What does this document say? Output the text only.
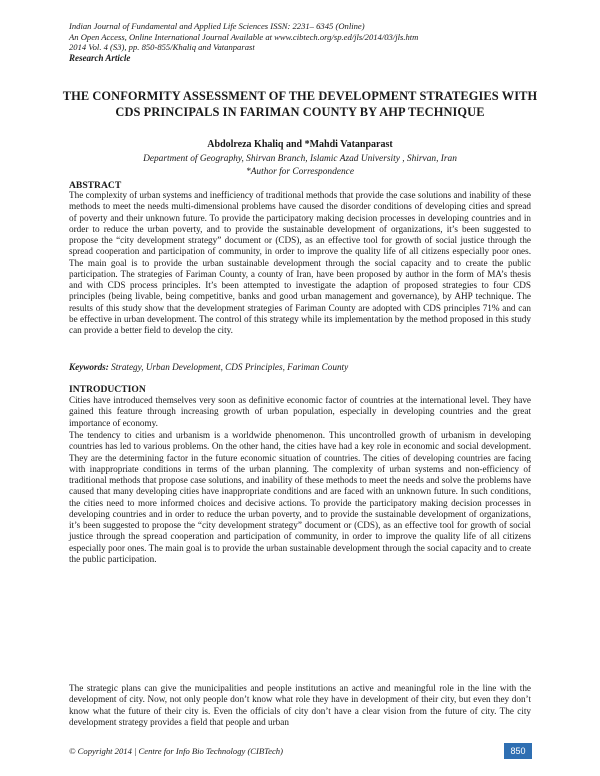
Indian Journal of Fundamental and Applied Life Sciences ISSN: 2231– 6345 (Online)
An Open Access, Online International Journal Available at www.cibtech.org/sp.ed/jls/2014/03/jls.htm
2014 Vol. 4 (S3), pp. 850-855/Khaliq and Vatanparast
Research Article
THE CONFORMITY ASSESSMENT OF THE DEVELOPMENT STRATEGIES WITH CDS PRINCIPALS IN FARIMAN COUNTY BY AHP TECHNIQUE
Abdolreza Khaliq and *Mahdi Vatanparast
Department of Geography, Shirvan Branch, Islamic Azad University , Shirvan, Iran
*Author for Correspondence
ABSTRACT
The complexity of urban systems and inefficiency of traditional methods that provide the case solutions and inability of these methods to meet the needs multi-dimensional problems have caused the disorder conditions of developing cities and spread of poverty and their unknown future. To provide the participatory making decision processes in developing countries and in order to reduce the urban poverty, and to provide the sustainable development of organizations, it’s been suggested to propose the “city development strategy” document or (CDS), as an effective tool for growth of social justice through the spread cooperation and participation of community, in order to improve the quality life of all citizens especially poor ones. The main goal is to provide the urban sustainable development through the social capacity and to create the public participation. The strategies of Fariman County, a county of Iran, have been proposed by author in the form of MA’s thesis and with CDS process principles. It’s been attempted to investigate the adaption of proposed strategies to four CDS principles (being livable, being competitive, banks and good urban management and governance), by AHP technique. The results of this study show that the development strategies of Fariman County are adopted with CDS principles 71% and can be effective in urban development. The control of this strategy while its implementation by the method proposed in this study can provide a better field to develop the city.
Keywords: Strategy, Urban Development, CDS Principles, Fariman County
INTRODUCTION
Cities have introduced themselves very soon as definitive economic factor of countries at the international level. They have gained this feature through increasing growth of urban population, especially in developing countries and the great importance of economy.
The tendency to cities and urbanism is a worldwide phenomenon. This uncontrolled growth of urbanism in developing countries has led to various problems. On the other hand, the cities have had a key role in economic and social development. They are the determining factor in the future economic situation of countries. The cities of developing countries are facing with inappropriate conditions in terms of the urban planning. The complexity of urban systems and non-efficiency of traditional methods that propose case solutions, and inability of these methods to meet the needs and solve the problems have caused that many developing cities have inappropriate conditions and are faced with an unknown future. In such conditions, the cities need to more informed choices and decisive actions. To provide the participatory making decision processes in developing countries and in order to reduce the urban poverty, and to provide the sustainable development of organizations, it’s been suggested to propose the “city development strategy” document or (CDS), as an effective tool for growth of social justice through the spread cooperation and participation of community, in order to improve the quality life of all citizens especially poor ones. The main goal is to provide the urban sustainable development through the social capacity and to create the public participation.
The strategic plans can give the municipalities and people institutions an active and meaningful role in the line with the development of city. Now, not only people don’t know what role they have in development of their city, but even they don’t know what the future of their city is. Even the officials of city don’t have a clear vision from the future of city. The city development strategy provides a field that people and urban
© Copyright 2014 | Centre for Info Bio Technology (CIBTech)	850
